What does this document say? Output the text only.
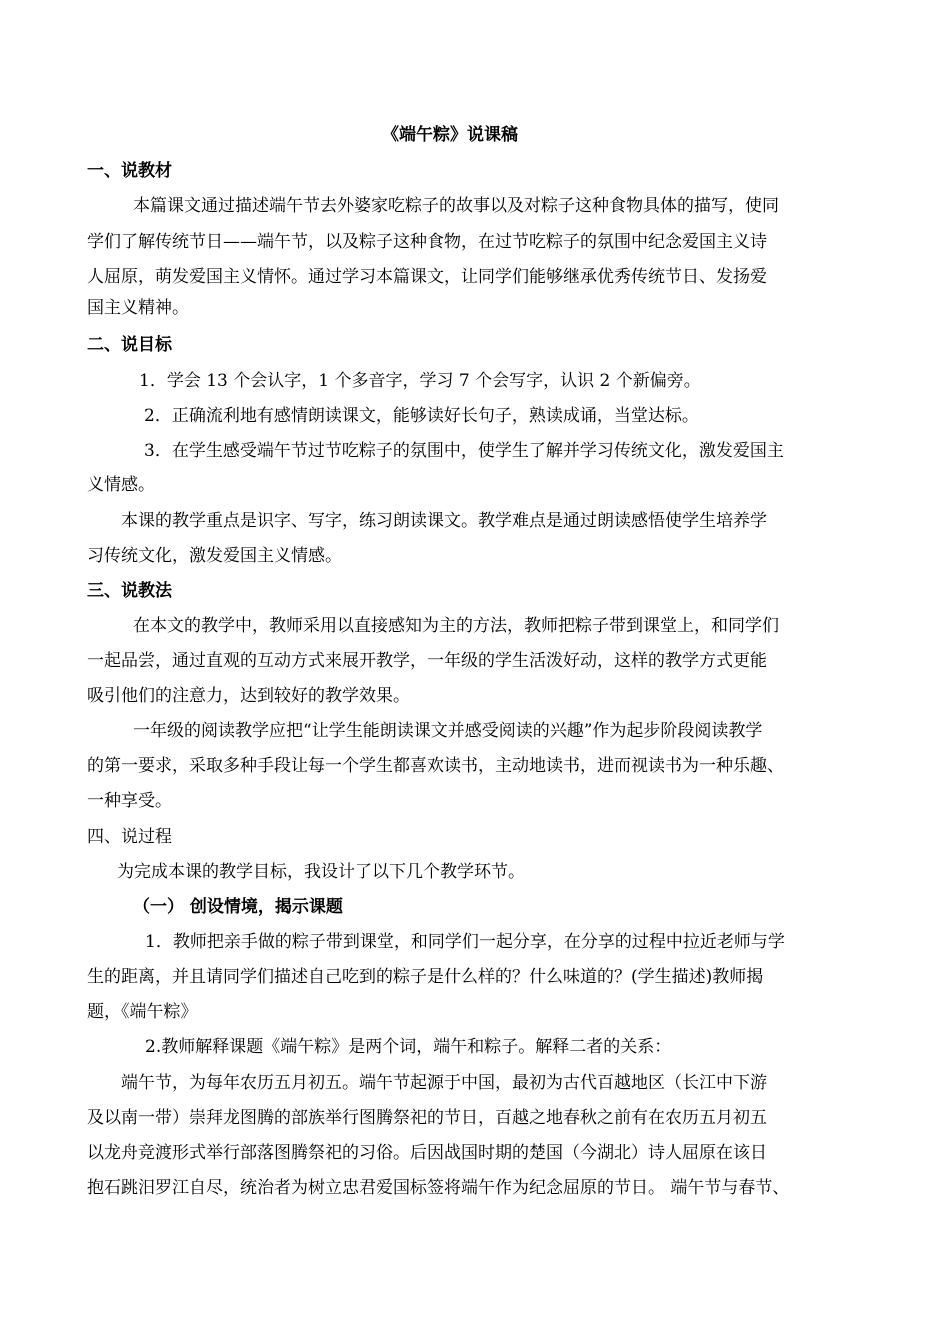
《端午粽》说课稿
一、说教材
本篇课文通过描述端午节去外婆家吃粽子的故事以及对粽子这种食物具体的描写，使同
学们了解传统节日——端午节，以及粽子这种食物，在过节吃粽子的氛围中纪念爱国主义诗
人屈原，萌发爱国主义情怀。通过学习本篇课文，让同学们能够继承优秀传统节日、发扬爱
国主义精神。
二、说目标
1．学会 13 个会认字，1 个多音字，学习 7 个会写字，认识 2 个新偏旁。
2．正确流利地有感情朗读课文，能够读好长句子，熟读成诵，当堂达标。
3．在学生感受端午节过节吃粽子的氛围中，使学生了解并学习传统文化，激发爱国主
义情感。
本课的教学重点是识字、写字，练习朗读课文。教学难点是通过朗读感悟使学生培养学
习传统文化，激发爱国主义情感。
三、说教法
在本文的教学中，教师采用以直接感知为主的方法，教师把粽子带到课堂上，和同学们
一起品尝，通过直观的互动方式来展开教学，一年级的学生活泼好动，这样的教学方式更能
吸引他们的注意力，达到较好的教学效果。
一年级的阅读教学应把“让学生能朗读课文并感受阅读的兴趣”作为起步阶段阅读教学
的第一要求，采取多种手段让每一个学生都喜欢读书，主动地读书，进而视读书为一种乐趣、
一种享受。
四、说过程
为完成本课的教学目标，我设计了以下几个教学环节。
（一） 创设情境，揭示课题
1．教师把亲手做的粽子带到课堂，和同学们一起分享，在分享的过程中拉近老师与学
生的距离，并且请同学们描述自己吃到的粽子是什么样的？什么味道的？(学生描述)教师揭
题，《端午粽》
2.教师解释课题《端午粽》是两个词，端午和粽子。解释二者的关系：
端午节，为每年农历五月初五。端午节起源于中国，最初为古代百越地区（长江中下游
及以南一带）崇拜龙图腾的部族举行图腾祭祀的节日，百越之地春秋之前有在农历五月初五
以龙舟竞渡形式举行部落图腾祭祀的习俗。后因战国时期的楚国（今湖北）诗人屈原在该日
抱石跳汨罗江自尽，统治者为树立忠君爱国标签将端午作为纪念屈原的节日。 端午节与春节、
